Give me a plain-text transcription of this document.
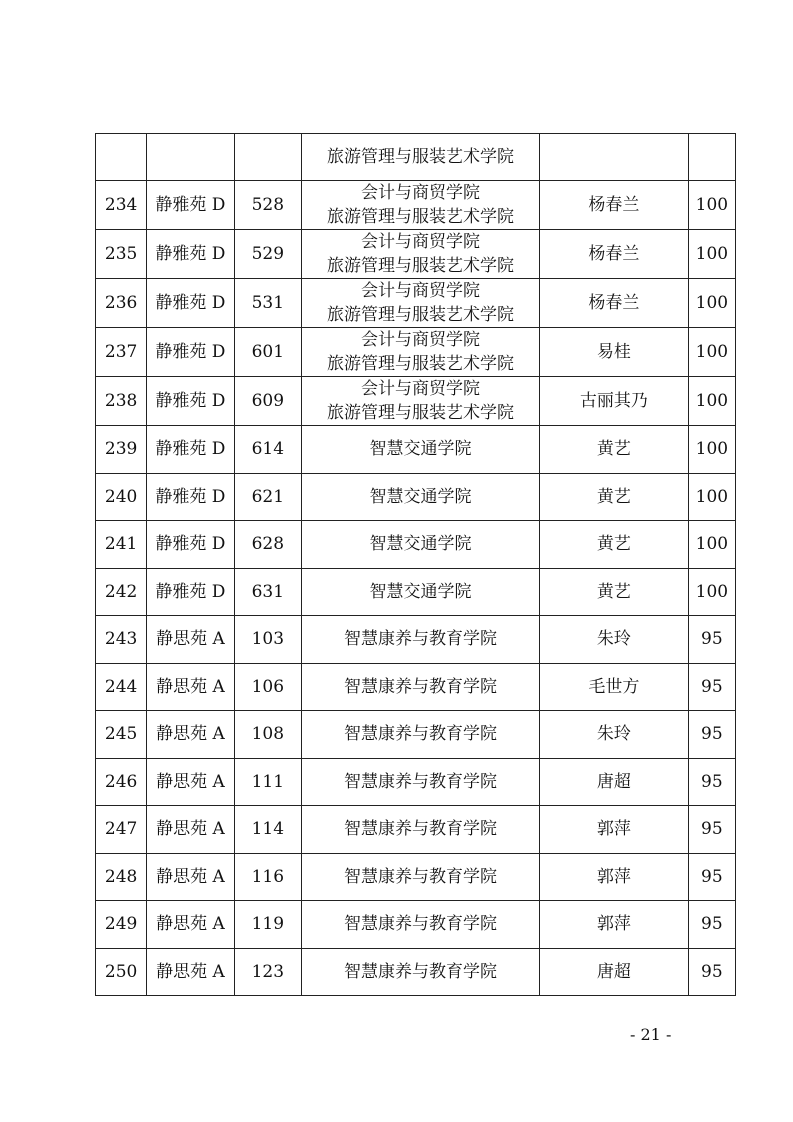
			旅游管理与服装艺术学院		

234	静雅苑 D	528	会计与商贸学院
旅游管理与服装艺术学院	杨春兰	100
235	静雅苑 D	529	会计与商贸学院
旅游管理与服装艺术学院	杨春兰	100
236	静雅苑 D	531	会计与商贸学院
旅游管理与服装艺术学院	杨春兰	100
237	静雅苑 D	601	会计与商贸学院
旅游管理与服装艺术学院	易桂	100
238	静雅苑 D	609	会计与商贸学院
旅游管理与服装艺术学院	古丽其乃	100
239	静雅苑 D	614	智慧交通学院	黄艺	100
240	静雅苑 D	621	智慧交通学院	黄艺	100
241	静雅苑 D	628	智慧交通学院	黄艺	100
242	静雅苑 D	631	智慧交通学院	黄艺	100
243	静思苑 A	103	智慧康养与教育学院	朱玲	95
244	静思苑 A	106	智慧康养与教育学院	毛世方	95
245	静思苑 A	108	智慧康养与教育学院	朱玲	95
246	静思苑 A	111	智慧康养与教育学院	唐超	95
247	静思苑 A	114	智慧康养与教育学院	郭萍	95
248	静思苑 A	116	智慧康养与教育学院	郭萍	95
249	静思苑 A	119	智慧康养与教育学院	郭萍	95
250	静思苑 A	123	智慧康养与教育学院	唐超	95
- 21 -
